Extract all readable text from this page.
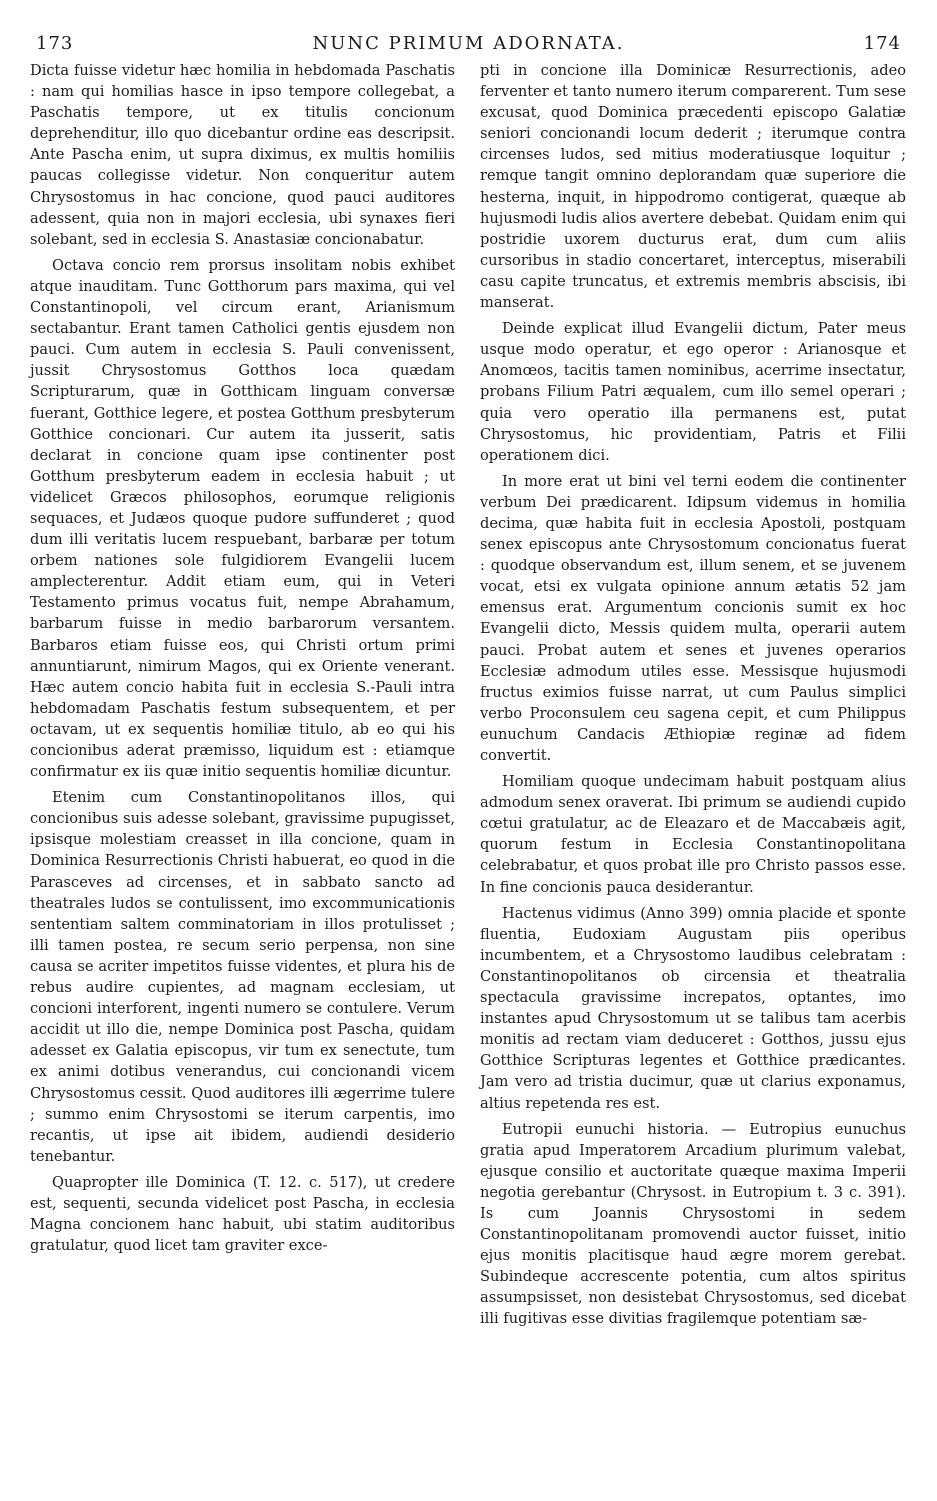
173	NUNC PRIMUM ADORNATA.	174

Dicta fuisse videtur hæc homilia in hebdomada Paschatis : nam qui homilias hasce in ipso tempore collegebat, a Paschatis tempore, ut ex titulis concionum deprehenditur, illo quo dicebantur ordine eas descripsit. Ante Pascha enim, ut supra diximus, ex multis homiliis paucas collegisse videtur. Non conqueritur autem Chrysostomus in hac concione, quod pauci auditores adessent, quia non in majori ecclesia, ubi synaxes fieri solebant, sed in ecclesia S. Anastasiæ concionabatur.

Octava concio rem prorsus insolitam nobis exhibet atque inauditam. Tunc Gotthorum pars maxima, qui vel Constantinopoli, vel circum erant, Arianismum sectabantur. Erant tamen Catholici gentis ejusdem non pauci. Cum autem in ecclesia S. Pauli convenissent, jussit Chrysostomus Gotthos loca quædam Scripturarum, quæ in Gotthicam linguam conversæ fuerant, Gotthice legere, et postea Gotthum presbyterum Gotthice concionari. Cur autem ita jusserit, satis declarat in concione quam ipse continenter post Gotthum presbyterum eadem in ecclesia habuit ; ut videlicet Græcos philosophos, eorumque religionis sequaces, et Judæos quoque pudore suffunderet ; quod dum illi veritatis lucem respuebant, barbaræ per totum orbem nationes sole fulgidiorem Evangelii lucem amplecterentur. Addit etiam eum, qui in Veteri Testamento primus vocatus fuit, nempe Abrahamum, barbarum fuisse in medio barbarorum versantem. Barbaros etiam fuisse eos, qui Christi ortum primi annuntiarunt, nimirum Magos, qui ex Oriente venerant. Hæc autem concio habita fuit in ecclesia S.-Pauli intra hebdomadam Paschatis festum subsequentem, et per octavam, ut ex sequentis homiliæ titulo, ab eo qui his concionibus aderat præmisso, liquidum est : etiamque confirmatur ex iis quæ initio sequentis homiliæ dicuntur.

Etenim cum Constantinopolitanos illos, qui concionibus suis adesse solebant, gravissime pupugisset, ipsisque molestiam creasset in illa concione, quam in Dominica Resurrectionis Christi habuerat, eo quod in die Parasceves ad circenses, et in sabbato sancto ad theatrales ludos se contulissent, imo excommunicationis sententiam saltem comminatoriam in illos protulisset ; illi tamen postea, re secum serio perpensa, non sine causa se acriter impetitos fuisse videntes, et plura his de rebus audire cupientes, ad magnam ecclesiam, ut concioni interforent, ingenti numero se contulere. Verum accidit ut illo die, nempe Dominica post Pascha, quidam adesset ex Galatia episcopus, vir tum ex senectute, tum ex animi dotibus venerandus, cui concionandi vicem Chrysostomus cessit. Quod auditores illi ægerrime tulere ; summo enim Chrysostomi se iterum carpentis, imo recantis, ut ipse ait ibidem, audiendi desiderio tenebantur.

Quapropter ille Dominica (T. 12. c. 517), ut credere est, sequenti, secunda videlicet post Pascha, in ecclesia Magna concionem hanc habuit, ubi statim auditoribus gratulatur, quod licet tam graviter exce-

pti in concione illa Dominicæ Resurrectionis, adeo ferventer et tanto numero iterum comparerent. Tum sese excusat, quod Dominica præcedenti episcopo Galatiæ seniori concionandi locum dederit ; iterumque contra circenses ludos, sed mitius moderatiusque loquitur ; remque tangit omnino deplorandam quæ superiore die hesterna, inquit, in hippodromo contigerat, quæque ab hujusmodi ludis alios avertere debebat. Quidam enim qui postridie uxorem ducturus erat, dum cum aliis cursoribus in stadio concertaret, interceptus, miserabili casu capite truncatus, et extremis membris abscisis, ibi manserat.

Deinde explicat illud Evangelii dictum, Pater meus usque modo operatur, et ego operor : Arianosque et Anomœos, tacitis tamen nominibus, acerrime insectatur, probans Filium Patri æqualem, cum illo semel operari ; quia vero operatio illa permanens est, putat Chrysostomus, hic providentiam, Patris et Filii operationem dici.

In more erat ut bini vel terni eodem die continenter verbum Dei prædicarent. Idipsum videmus in homilia decima, quæ habita fuit in ecclesia Apostoli, postquam senex episcopus ante Chrysostomum concionatus fuerat : quodque observandum est, illum senem, et se juvenem vocat, etsi ex vulgata opinione annum ætatis 52 jam emensus erat. Argumentum concionis sumit ex hoc Evangelii dicto, Messis quidem multa, operarii autem pauci. Probat autem et senes et juvenes operarios Ecclesiæ admodum utiles esse. Messisque hujusmodi fructus eximios fuisse narrat, ut cum Paulus simplici verbo Proconsulem ceu sagena cepit, et cum Philippus eunuchum Candacis Æthiopiæ reginæ ad fidem convertit.

Homiliam quoque undecimam habuit postquam alius admodum senex oraverat. Ibi primum se audiendi cupido cœtui gratulatur, ac de Eleazaro et de Maccabæis agit, quorum festum in Ecclesia Constantinopolitana celebrabatur, et quos probat ille pro Christo passos esse. In fine concionis pauca desiderantur.

Hactenus vidimus (Anno 399) omnia placide et sponte fluentia, Eudoxiam Augustam piis operibus incumbentem, et a Chrysostomo laudibus celebratam : Constantinopolitanos ob circensia et theatralia spectacula gravissime increpatos, optantes, imo instantes apud Chrysostomum ut se talibus tam acerbis monitis ad rectam viam deduceret : Gotthos, jussu ejus Gotthice Scripturas legentes et Gotthice prædicantes. Jam vero ad tristia ducimur, quæ ut clarius exponamus, altius repetenda res est.

Eutropii eunuchi historia. — Eutropius eunuchus gratia apud Imperatorem Arcadium plurimum valebat, ejusque consilio et auctoritate quæque maxima Imperii negotia gerebantur (Chrysost. in Eutropium t. 3 c. 391). Is cum Joannis Chrysostomi in sedem Constantinopolitanam promovendi auctor fuisset, initio ejus monitis placitisque haud ægre morem gerebat. Subindeque accrescente potentia, cum altos spiritus assumpsisset, non desistebat Chrysostomus, sed dicebat illi fugitivas esse divitias fragilemque potentiam sæ-
